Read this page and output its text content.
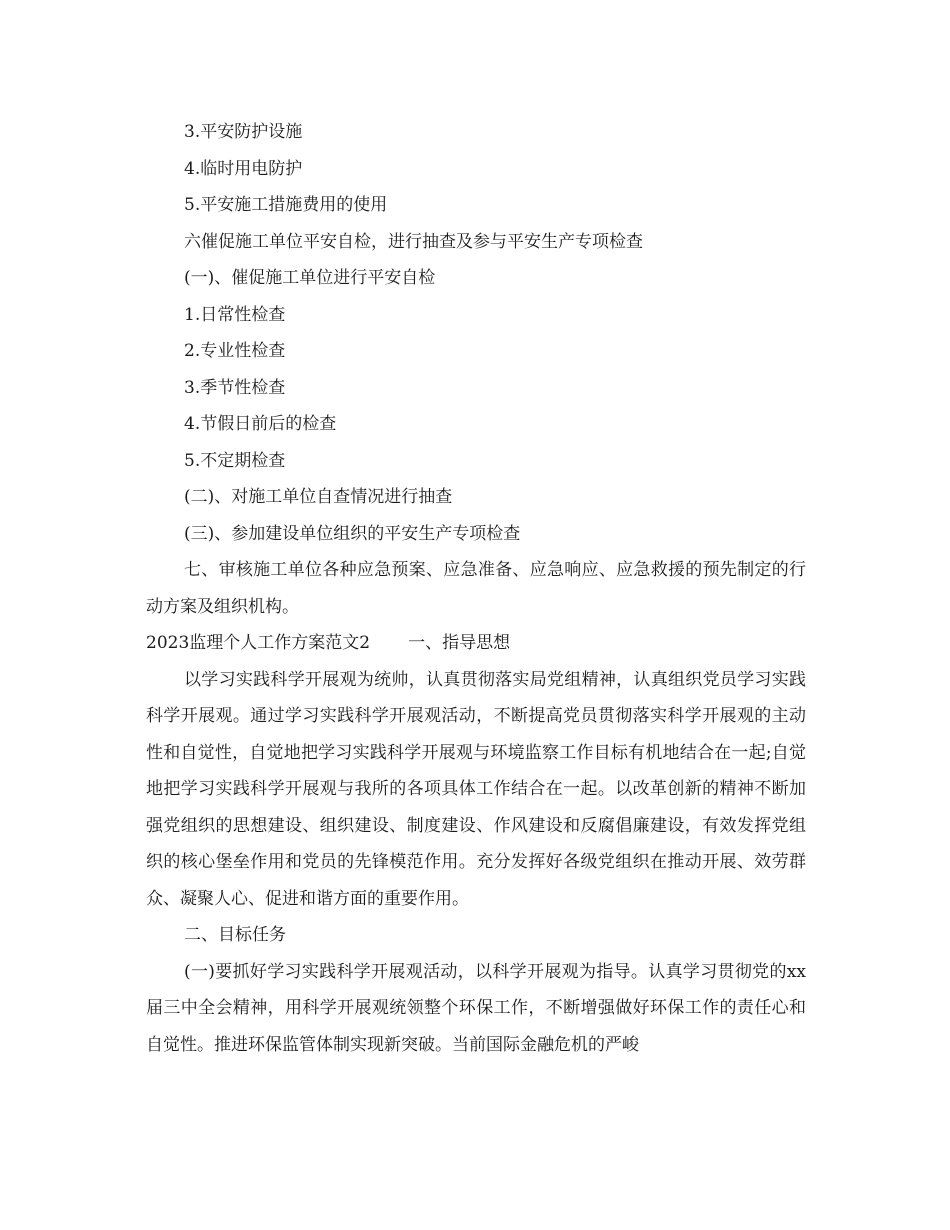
3.平安防护设施
4.临时用电防护
5.平安施工措施费用的使用
六催促施工单位平安自检，进行抽查及参与平安生产专项检查
(一)、催促施工单位进行平安自检
1.日常性检查
2.专业性检查
3.季节性检查
4.节假日前后的检查
5.不定期检查
(二)、对施工单位自查情况进行抽查
(三)、参加建设单位组织的平安生产专项检查
七、审核施工单位各种应急预案、应急准备、应急响应、应急救援的预先制定的行动方案及组织机构。
2023监理个人工作方案范文2 一、指导思想
以学习实践科学开展观为统帅，认真贯彻落实局党组精神，认真组织党员学习实践科学开展观。通过学习实践科学开展观活动，不断提高党员贯彻落实科学开展观的主动性和自觉性，自觉地把学习实践科学开展观与环境监察工作目标有机地结合在一起;自觉地把学习实践科学开展观与我所的各项具体工作结合在一起。以改革创新的精神不断加强党组织的思想建设、组织建设、制度建设、作风建设和反腐倡廉建设，有效发挥党组织的核心堡垒作用和党员的先锋模范作用。充分发挥好各级党组织在推动开展、效劳群众、凝聚人心、促进和谐方面的重要作用。
二、目标任务
(一)要抓好学习实践科学开展观活动，以科学开展观为指导。认真学习贯彻党的xx届三中全会精神，用科学开展观统领整个环保工作，不断增强做好环保工作的责任心和自觉性。推进环保监管体制实现新突破。当前国际金融危机的严峻
